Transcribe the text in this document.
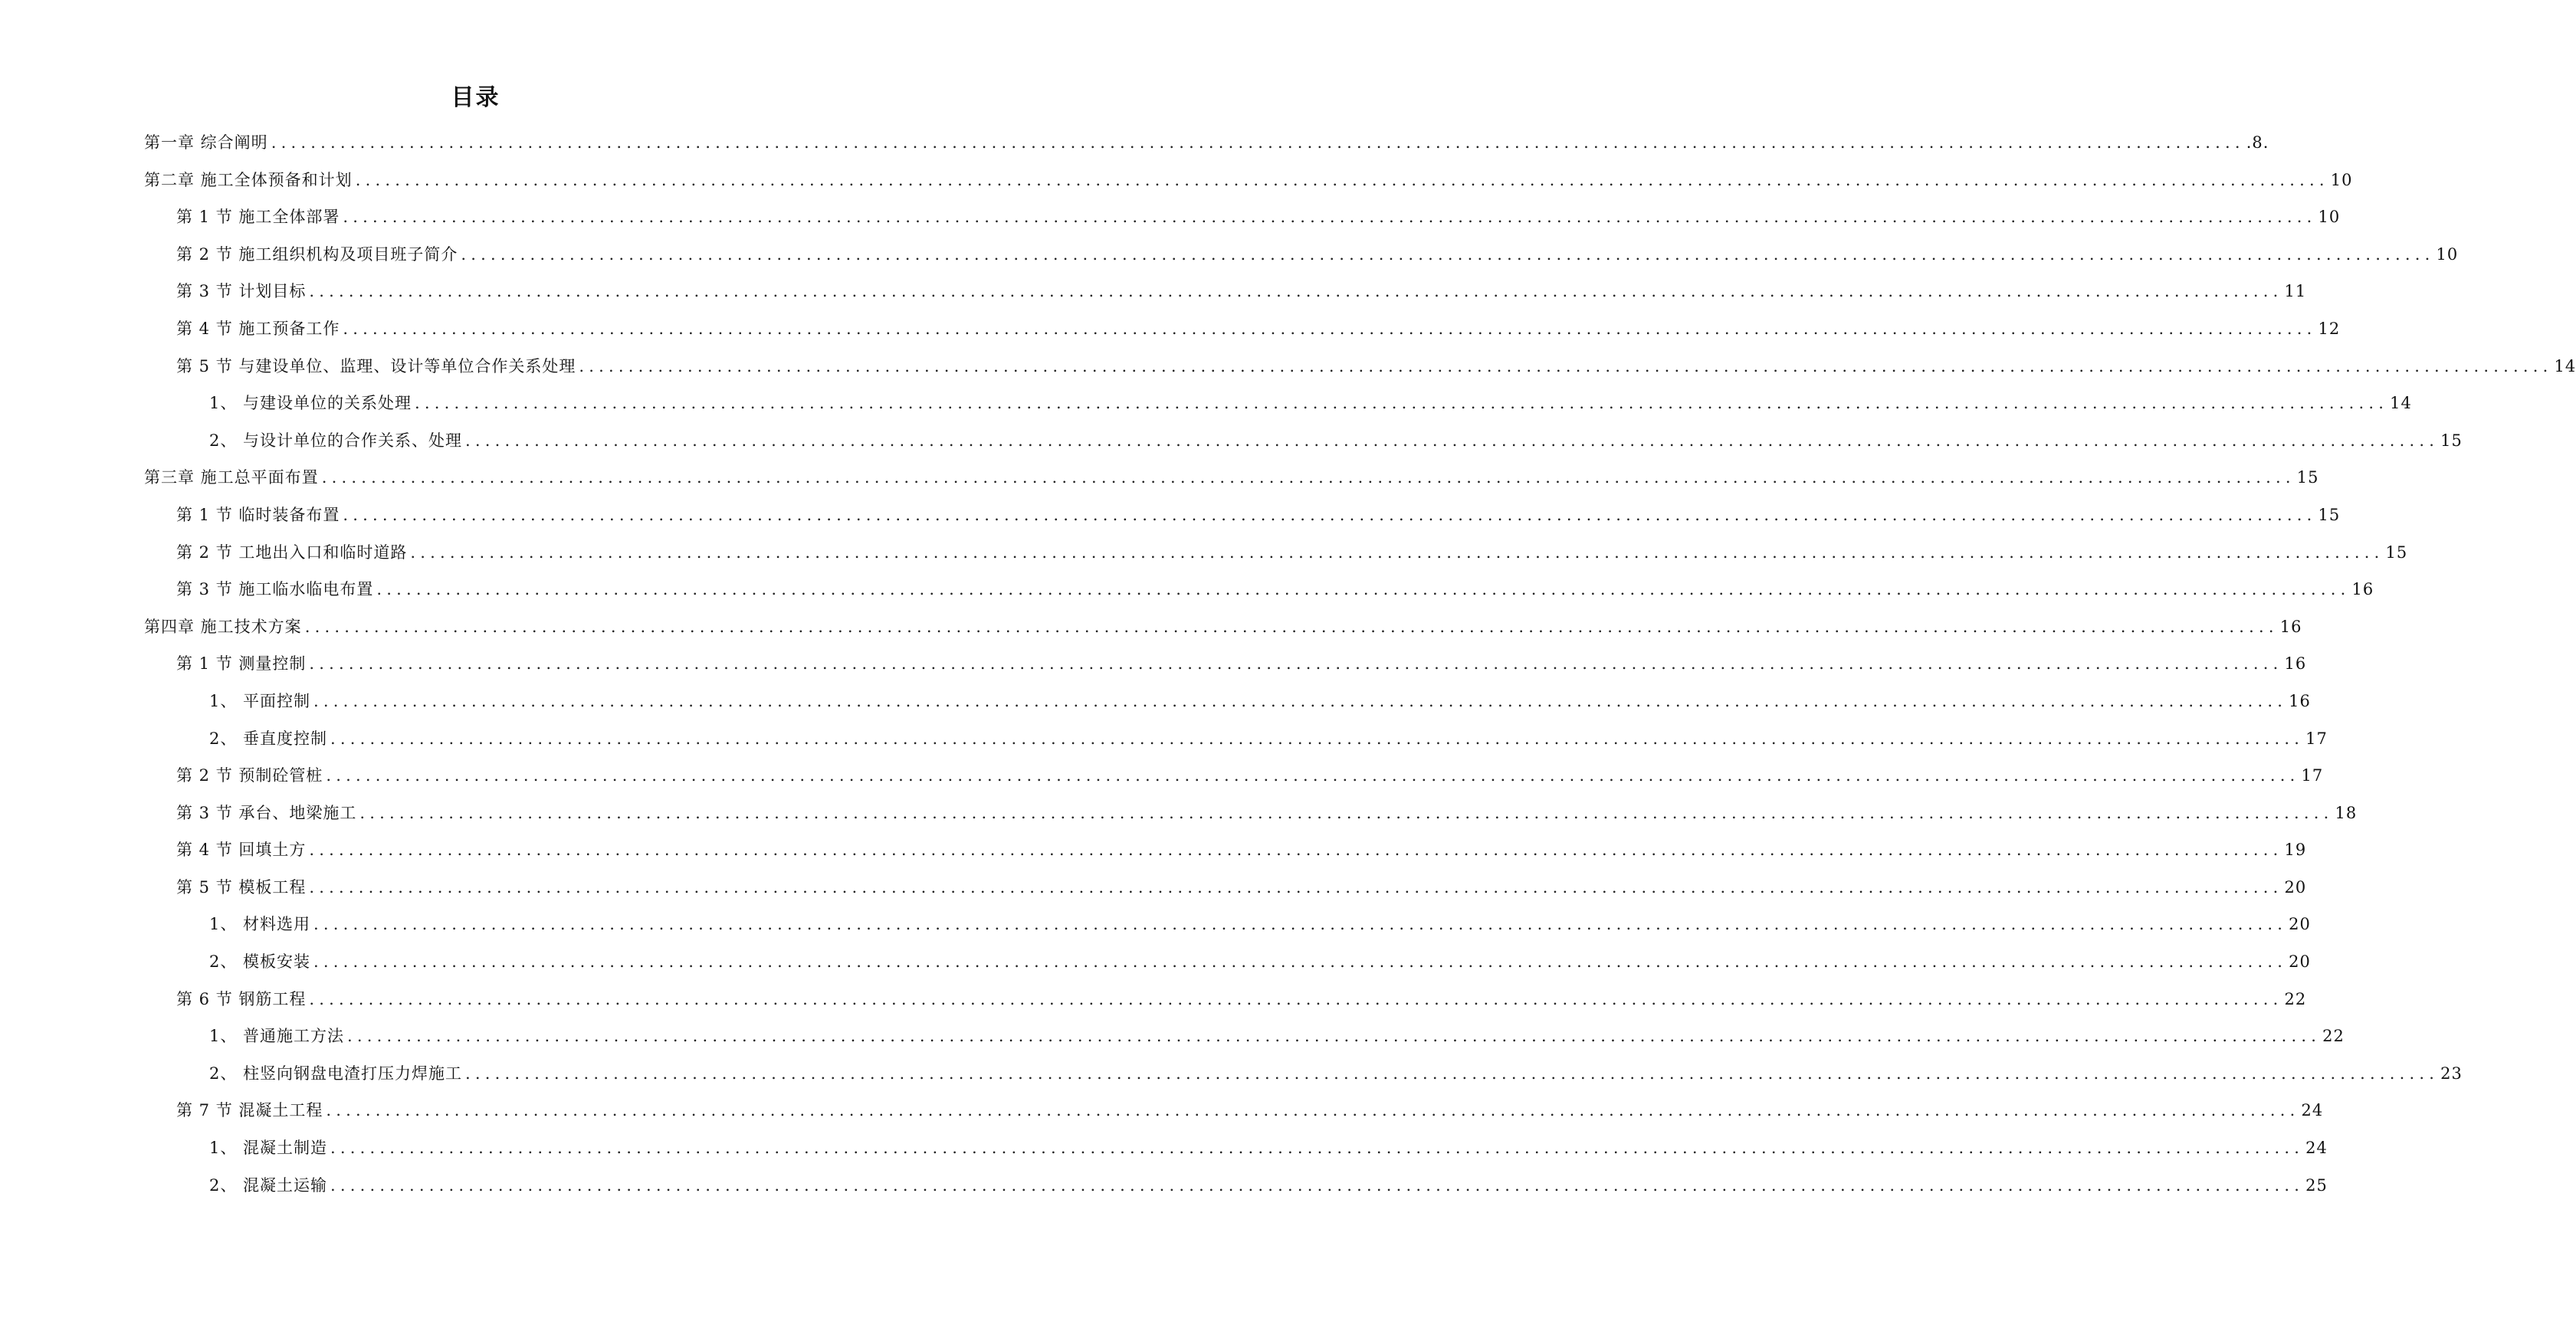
目录
第一章 综合阐明 ........................................................................................................................................................................................................ .8.
第二章 施工全体预备和计划 ........................................................................................................................................................................................................ 10
第 1 节 施工全体部署 ........................................................................................................................................................................................................ 10
第 2 节 施工组织机构及项目班子简介 ........................................................................................................................................................................................................ 10
第 3 节 计划目标 ........................................................................................................................................................................................................ 11
第 4 节 施工预备工作 ........................................................................................................................................................................................................ 12
第 5 节 与建设单位、监理、设计等单位合作关系处理 ........................................................................................................................................................................................................ 14
1、 与建设单位的关系处理 ........................................................................................................................................................................................................ 14
2、 与设计单位的合作关系、处理 ........................................................................................................................................................................................................ 15
第三章 施工总平面布置 ........................................................................................................................................................................................................ 15
第 1 节 临时装备布置 ........................................................................................................................................................................................................ 15
第 2 节 工地出入口和临时道路 ........................................................................................................................................................................................................ 15
第 3 节 施工临水临电布置 ........................................................................................................................................................................................................ 16
第四章 施工技术方案 ........................................................................................................................................................................................................ 16
第 1 节 测量控制 ........................................................................................................................................................................................................ 16
1、 平面控制 ........................................................................................................................................................................................................ 16
2、 垂直度控制 ........................................................................................................................................................................................................ 17
第 2 节 预制砼管桩 ........................................................................................................................................................................................................ 17
第 3 节 承台、地梁施工 ........................................................................................................................................................................................................ 18
第 4 节 回填土方 ........................................................................................................................................................................................................ 19
第 5 节 模板工程 ........................................................................................................................................................................................................ 20
1、 材料选用 ........................................................................................................................................................................................................ 20
2、 模板安装 ........................................................................................................................................................................................................ 20
第 6 节 钢筋工程 ........................................................................................................................................................................................................ 22
1、 普通施工方法 ........................................................................................................................................................................................................ 22
2、 柱竖向钢盘电渣打压力焊施工 ........................................................................................................................................................................................................ 23
第 7 节 混凝土工程 ........................................................................................................................................................................................................ 24
1、 混凝土制造 ........................................................................................................................................................................................................ 24
2、 混凝土运输 ........................................................................................................................................................................................................ 25
